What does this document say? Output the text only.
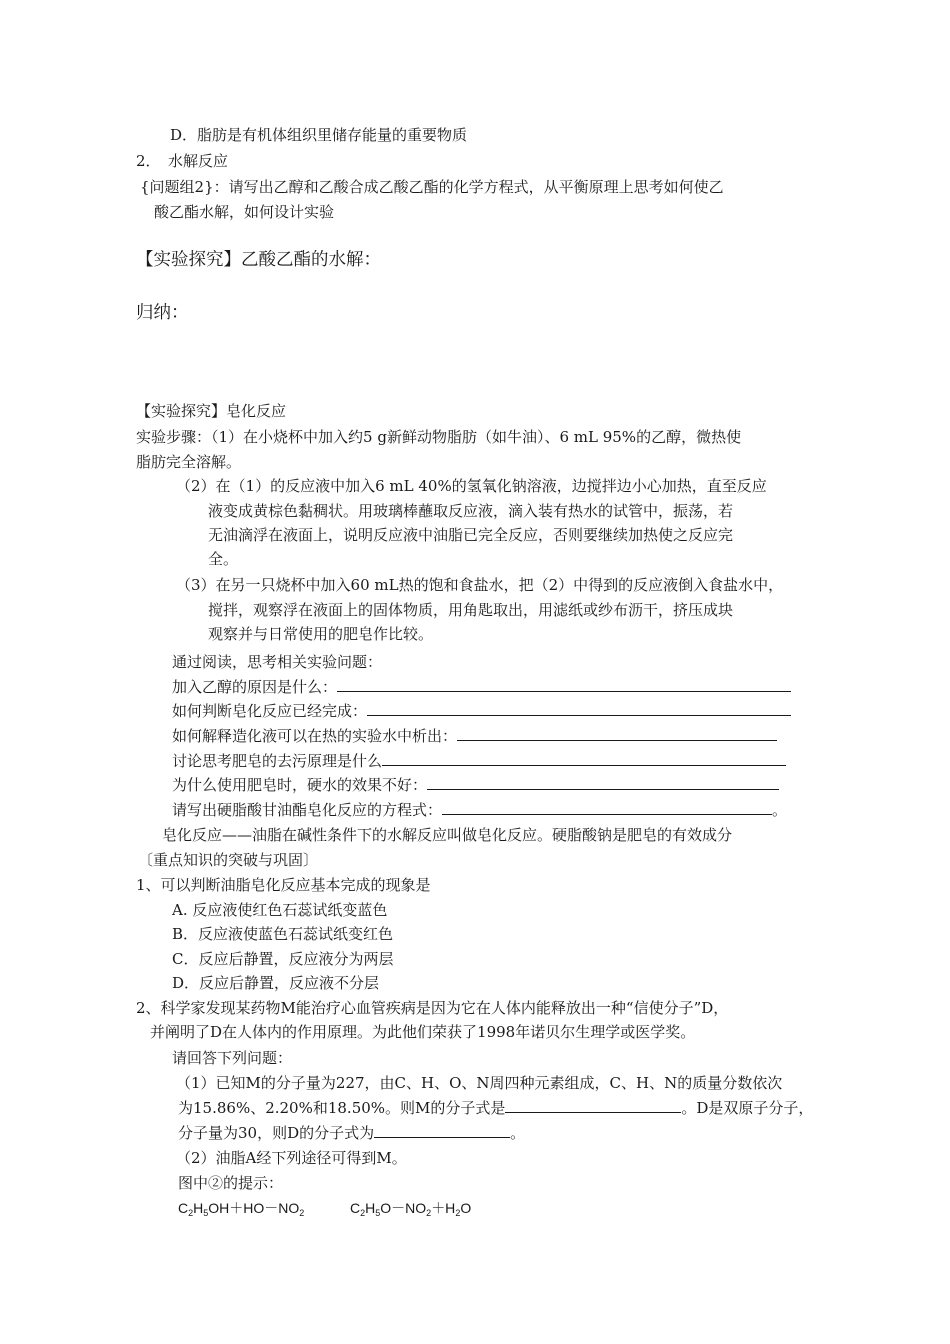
D．脂肪是有机体组织里储存能量的重要物质
2．　水解反应
{问题组2}：请写出乙醇和乙酸合成乙酸乙酯的化学方程式，从平衡原理上思考如何使乙
酸乙酯水解，如何设计实验
【实验探究】乙酸乙酯的水解：
归纳：
【实验探究】皂化反应
实验步骤：（1）在小烧杯中加入约5 g新鲜动物脂肪（如牛油）、6 mL 95%的乙醇，微热使
脂肪完全溶解。
（2）在（1）的反应液中加入6 mL 40%的氢氧化钠溶液，边搅拌边小心加热，直至反应
液变成黄棕色黏稠状。用玻璃棒蘸取反应液，滴入装有热水的试管中，振荡，若
无油滴浮在液面上，说明反应液中油脂已完全反应，否则要继续加热使之反应完
全。
（3）在另一只烧杯中加入60 mL热的饱和食盐水，把（2）中得到的反应液倒入食盐水中，
搅拌，观察浮在液面上的固体物质，用角匙取出，用滤纸或纱布沥干，挤压成块
观察并与日常使用的肥皂作比较。
通过阅读，思考相关实验问题：
加入乙醇的原因是什么：
如何判断皂化反应已经完成：
如何解释造化液可以在热的实验水中析出：
讨论思考肥皂的去污原理是什么
为什么使用肥皂时，硬水的效果不好：
请写出硬脂酸甘油酯皂化反应的方程式：	。
皂化反应——油脂在碱性条件下的水解反应叫做皂化反应。硬脂酸钠是肥皂的有效成分
〔重点知识的突破与巩固〕
1、可以判断油脂皂化反应基本完成的现象是
A. 反应液使红色石蕊试纸变蓝色
B．反应液使蓝色石蕊试纸变红色
C．反应后静置，反应液分为两层
D．反应后静置，反应液不分层
2、科学家发现某药物M能治疗心血管疾病是因为它在人体内能释放出一种“信使分子”D，
并阐明了D在人体内的作用原理。为此他们荣获了1998年诺贝尔生理学或医学奖。
请回答下列问题：
（1）已知M的分子量为227，由C、H、O、N周四种元素组成，C、H、N的质量分数依次
为15.86%、2.20%和18.50%。则M的分子式是	。D是双原子分子，
分子量为30，则D的分子式为	。
（2）油脂A经下列途径可得到M。
图中②的提示：
$C_2H_5OH+HO-NO_2$	$C_2H_5O-NO_2+H_2O$
